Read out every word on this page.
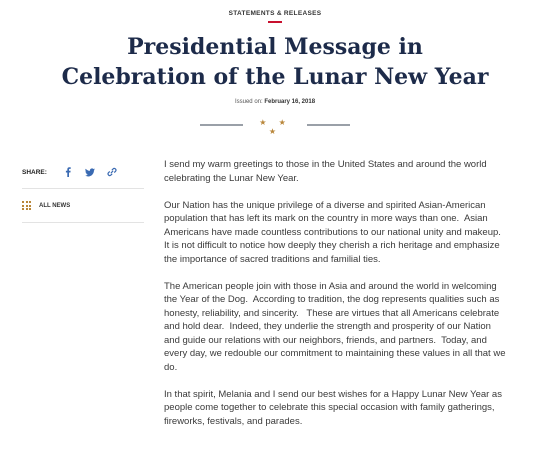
STATEMENTS & RELEASES
Presidential Message in
Celebration of the Lunar New Year
Issued on: February 16, 2018
★ ★ ★
SHARE:
ALL NEWS

I send my warm greetings to those in the United States and around the world
celebrating the Lunar New Year.

Our Nation has the unique privilege of a diverse and spirited Asian-American
population that has left its mark on the country in more ways than one.  Asian
Americans have made countless contributions to our national unity and makeup.
It is not difficult to notice how deeply they cherish a rich heritage and emphasize
the importance of sacred traditions and familial ties.

The American people join with those in Asia and around the world in welcoming
the Year of the Dog.  According to tradition, the dog represents qualities such as
honesty, reliability, and sincerity.   These are virtues that all Americans celebrate
and hold dear.  Indeed, they underlie the strength and prosperity of our Nation
and guide our relations with our neighbors, friends, and partners.  Today, and
every day, we redouble our commitment to maintaining these values in all that we
do.

In that spirit, Melania and I send our best wishes for a Happy Lunar New Year as
people come together to celebrate this special occasion with family gatherings,
fireworks, festivals, and parades.
